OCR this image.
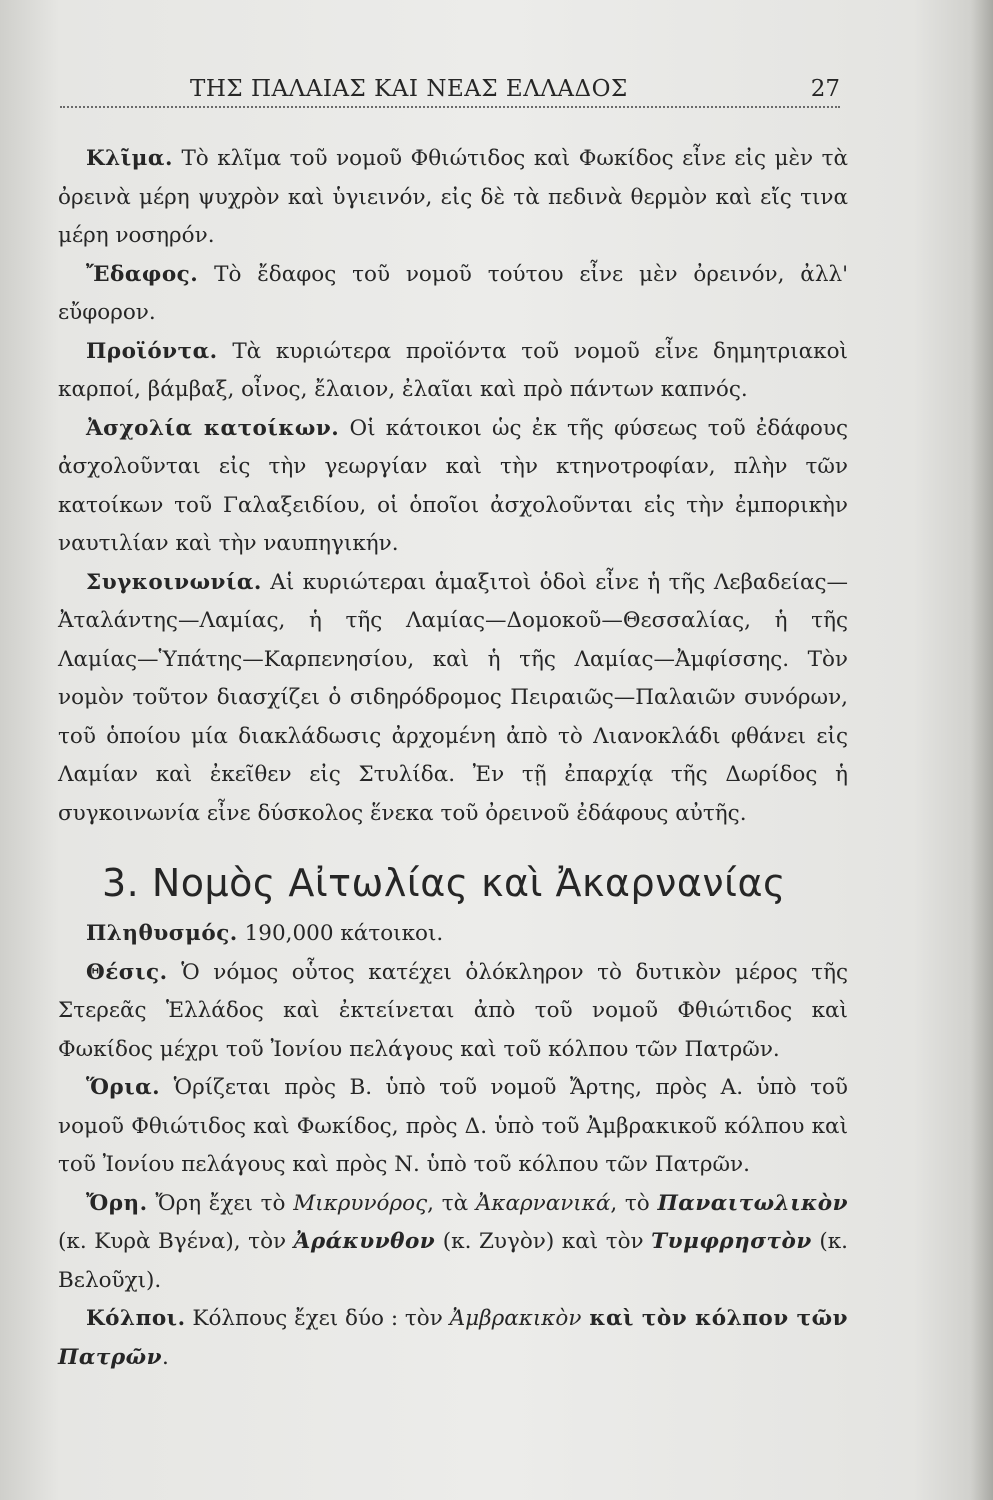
ΤΗΣ ΠΑΛΑΙΑΣ ΚΑΙ ΝΕΑΣ ΕΛΛΑΔΟΣ	27

Κλῖμα. Τὸ κλῖμα τοῦ νομοῦ Φθιώτιδος καὶ Φωκίδος εἶνε εἰς μὲν τὰ ὀρεινὰ μέρη ψυχρὸν καὶ ὑγιεινόν, εἰς δὲ τὰ πεδινὰ θερμὸν καὶ εἴς τινα μέρη νοσηρόν.

Ἔδαφος. Τὸ ἔδαφος τοῦ νομοῦ τούτου εἶνε μὲν ὀρεινόν, ἀλλ' εὔφορον.

Προϊόντα. Τὰ κυριώτερα προϊόντα τοῦ νομοῦ εἶνε δημητριακοὶ καρποί, βάμβαξ, οἶνος, ἔλαιον, ἐλαῖαι καὶ πρὸ πάντων καπνός.

Ἀσχολία κατοίκων. Οἱ κάτοικοι ὡς ἐκ τῆς φύσεως τοῦ ἐδάφους ἀσχολοῦνται εἰς τὴν γεωργίαν καὶ τὴν κτηνοτροφίαν, πλὴν τῶν κατοίκων τοῦ Γαλαξειδίου, οἱ ὁποῖοι ἀσχολοῦνται εἰς τὴν ἐμπορικὴν ναυτιλίαν καὶ τὴν ναυπηγικήν.

Συγκοινωνία. Αἱ κυριώτεραι ἁμαξιτοὶ ὁδοὶ εἶνε ἡ τῆς Λεβαδείας—Ἀταλάντης—Λαμίας, ἡ τῆς Λαμίας—Δομοκοῦ—Θεσσαλίας, ἡ τῆς Λαμίας—Ὑπάτης—Καρπενησίου, καὶ ἡ τῆς Λαμίας—Ἀμφίσσης. Τὸν νομὸν τοῦτον διασχίζει ὁ σιδηρόδρομος Πειραιῶς—Παλαιῶν συνόρων, τοῦ ὁποίου μία διακλάδωσις ἀρχομένη ἀπὸ τὸ Λιανοκλάδι φθάνει εἰς Λαμίαν καὶ ἐκεῖθεν εἰς Στυλίδα. Ἐν τῇ ἐπαρχίᾳ τῆς Δωρίδος ἡ συγκοινωνία εἶνε δύσκολος ἕνεκα τοῦ ὀρεινοῦ ἐδάφους αὐτῆς.

3. Νομὸς Αἰτωλίας καὶ Ἀκαρνανίας

Πληθυσμός. 190,000 κάτοικοι.

Θέσις. Ὁ νόμος οὗτος κατέχει ὁλόκληρον τὸ δυτικὸν μέρος τῆς Στερεᾶς Ἑλλάδος καὶ ἐκτείνεται ἀπὸ τοῦ νομοῦ Φθιώτιδος καὶ Φωκίδος μέχρι τοῦ Ἰονίου πελάγους καὶ τοῦ κόλπου τῶν Πατρῶν.

Ὅρια. Ὁρίζεται πρὸς Β. ὑπὸ τοῦ νομοῦ Ἄρτης, πρὸς Α. ὑπὸ τοῦ νομοῦ Φθιώτιδος καὶ Φωκίδος, πρὸς Δ. ὑπὸ τοῦ Ἀμβρακικοῦ κόλπου καὶ τοῦ Ἰονίου πελάγους καὶ πρὸς Ν. ὑπὸ τοῦ κόλπου τῶν Πατρῶν.

Ὄρη. Ὄρη ἔχει τὸ Μικρυνόρος, τὰ Ἀκαρνανικά, τὸ Παναιτωλικὸν (κ. Κυρὰ Βγένα), τὸν Ἀράκυνθον (κ. Ζυγὸν) καὶ τὸν Τυμφρηστὸν (κ. Βελοῦχι).

Κόλποι. Κόλπους ἔχει δύο : τὸν Ἀμβρακικὸν καὶ τὸν κόλπον τῶν Πατρῶν.
